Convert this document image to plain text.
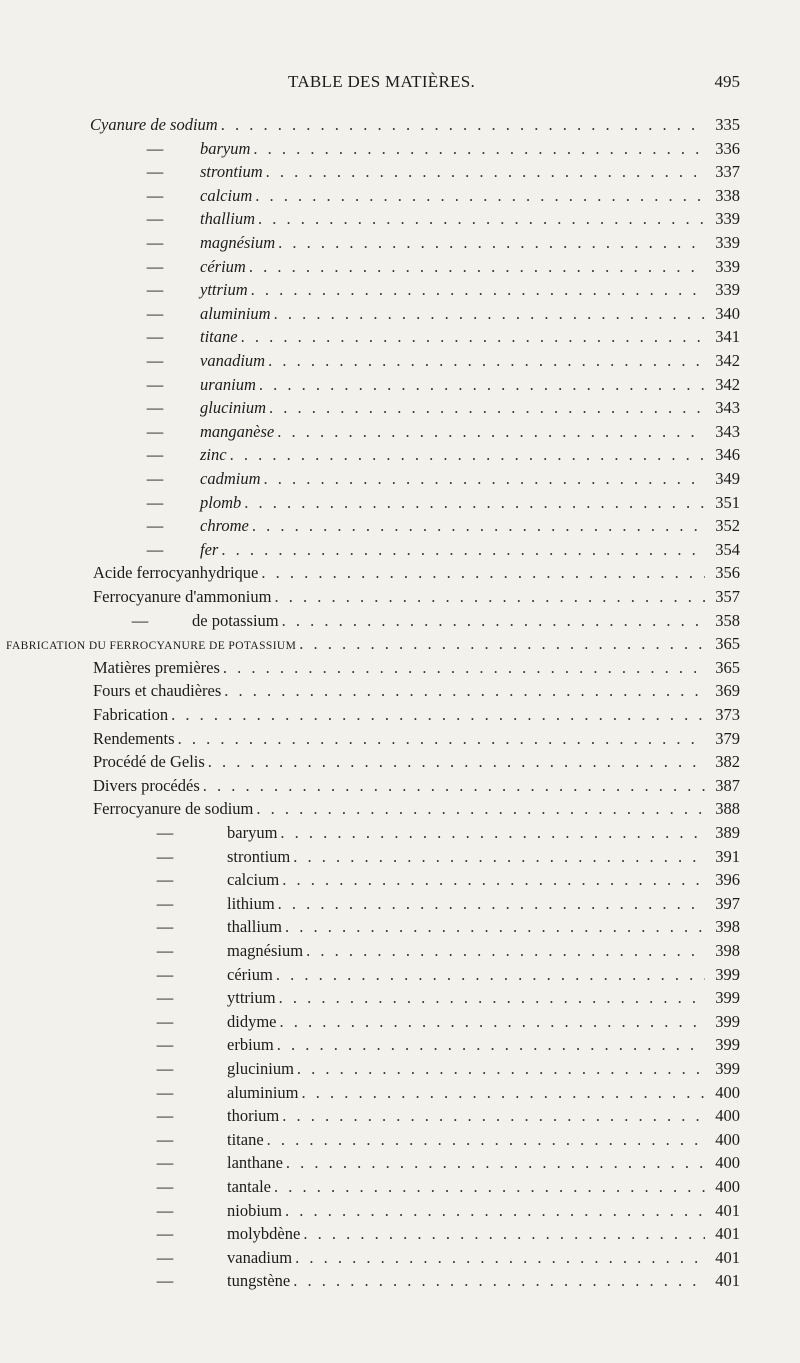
TABLE DES MATIÈRES.	495
Cyanure de sodium . . .	335
— baryum . . .	336
— strontium . . .	337
— calcium . . .	338
— thallium . . .	339
— magnésium . . .	339
— cérium . . .	339
— yttrium . . .	339
— aluminium . . .	340
— titane . . .	341
— vanadium . . .	342
— uranium . . .	342
— glucinium . . .	343
— manganèse . . .	343
— zinc . . .	346
— cadmium . . .	349
— plomb . . .	351
— chrome . . .	352
— fer . . .	354
Acide ferrocyanhydrique . . .	356
Ferrocyanure d'ammonium . . .	357
—	de potassium . . .	358
FABRICATION DU FERROCYANURE DE POTASSIUM . . .	365
Matières premières . . .	365
Fours et chaudières . . .	369
Fabrication . . .	373
Rendements . . .	379
Procédé de Gelis . . .	382
Divers procédés . . .	387
Ferrocyanure de sodium . . .	388
—	baryum . . .	389
—	strontium . . .	391
—	calcium . . .	396
—	lithium . . .	397
—	thallium . . .	398
—	magnésium . . .	398
—	cérium . . .	399
—	yttrium . . .	399
—	didyme . . .	399
—	erbium . . .	399
—	glucinium . . .	399
—	aluminium . . .	400
—	thorium . . .	400
—	titane . . .	400
—	lanthane . . .	400
—	tantale . . .	400
—	niobium . . .	401
—	molybdène . . .	401
—	vanadium . . .	401
—	tungstène . . .	401
